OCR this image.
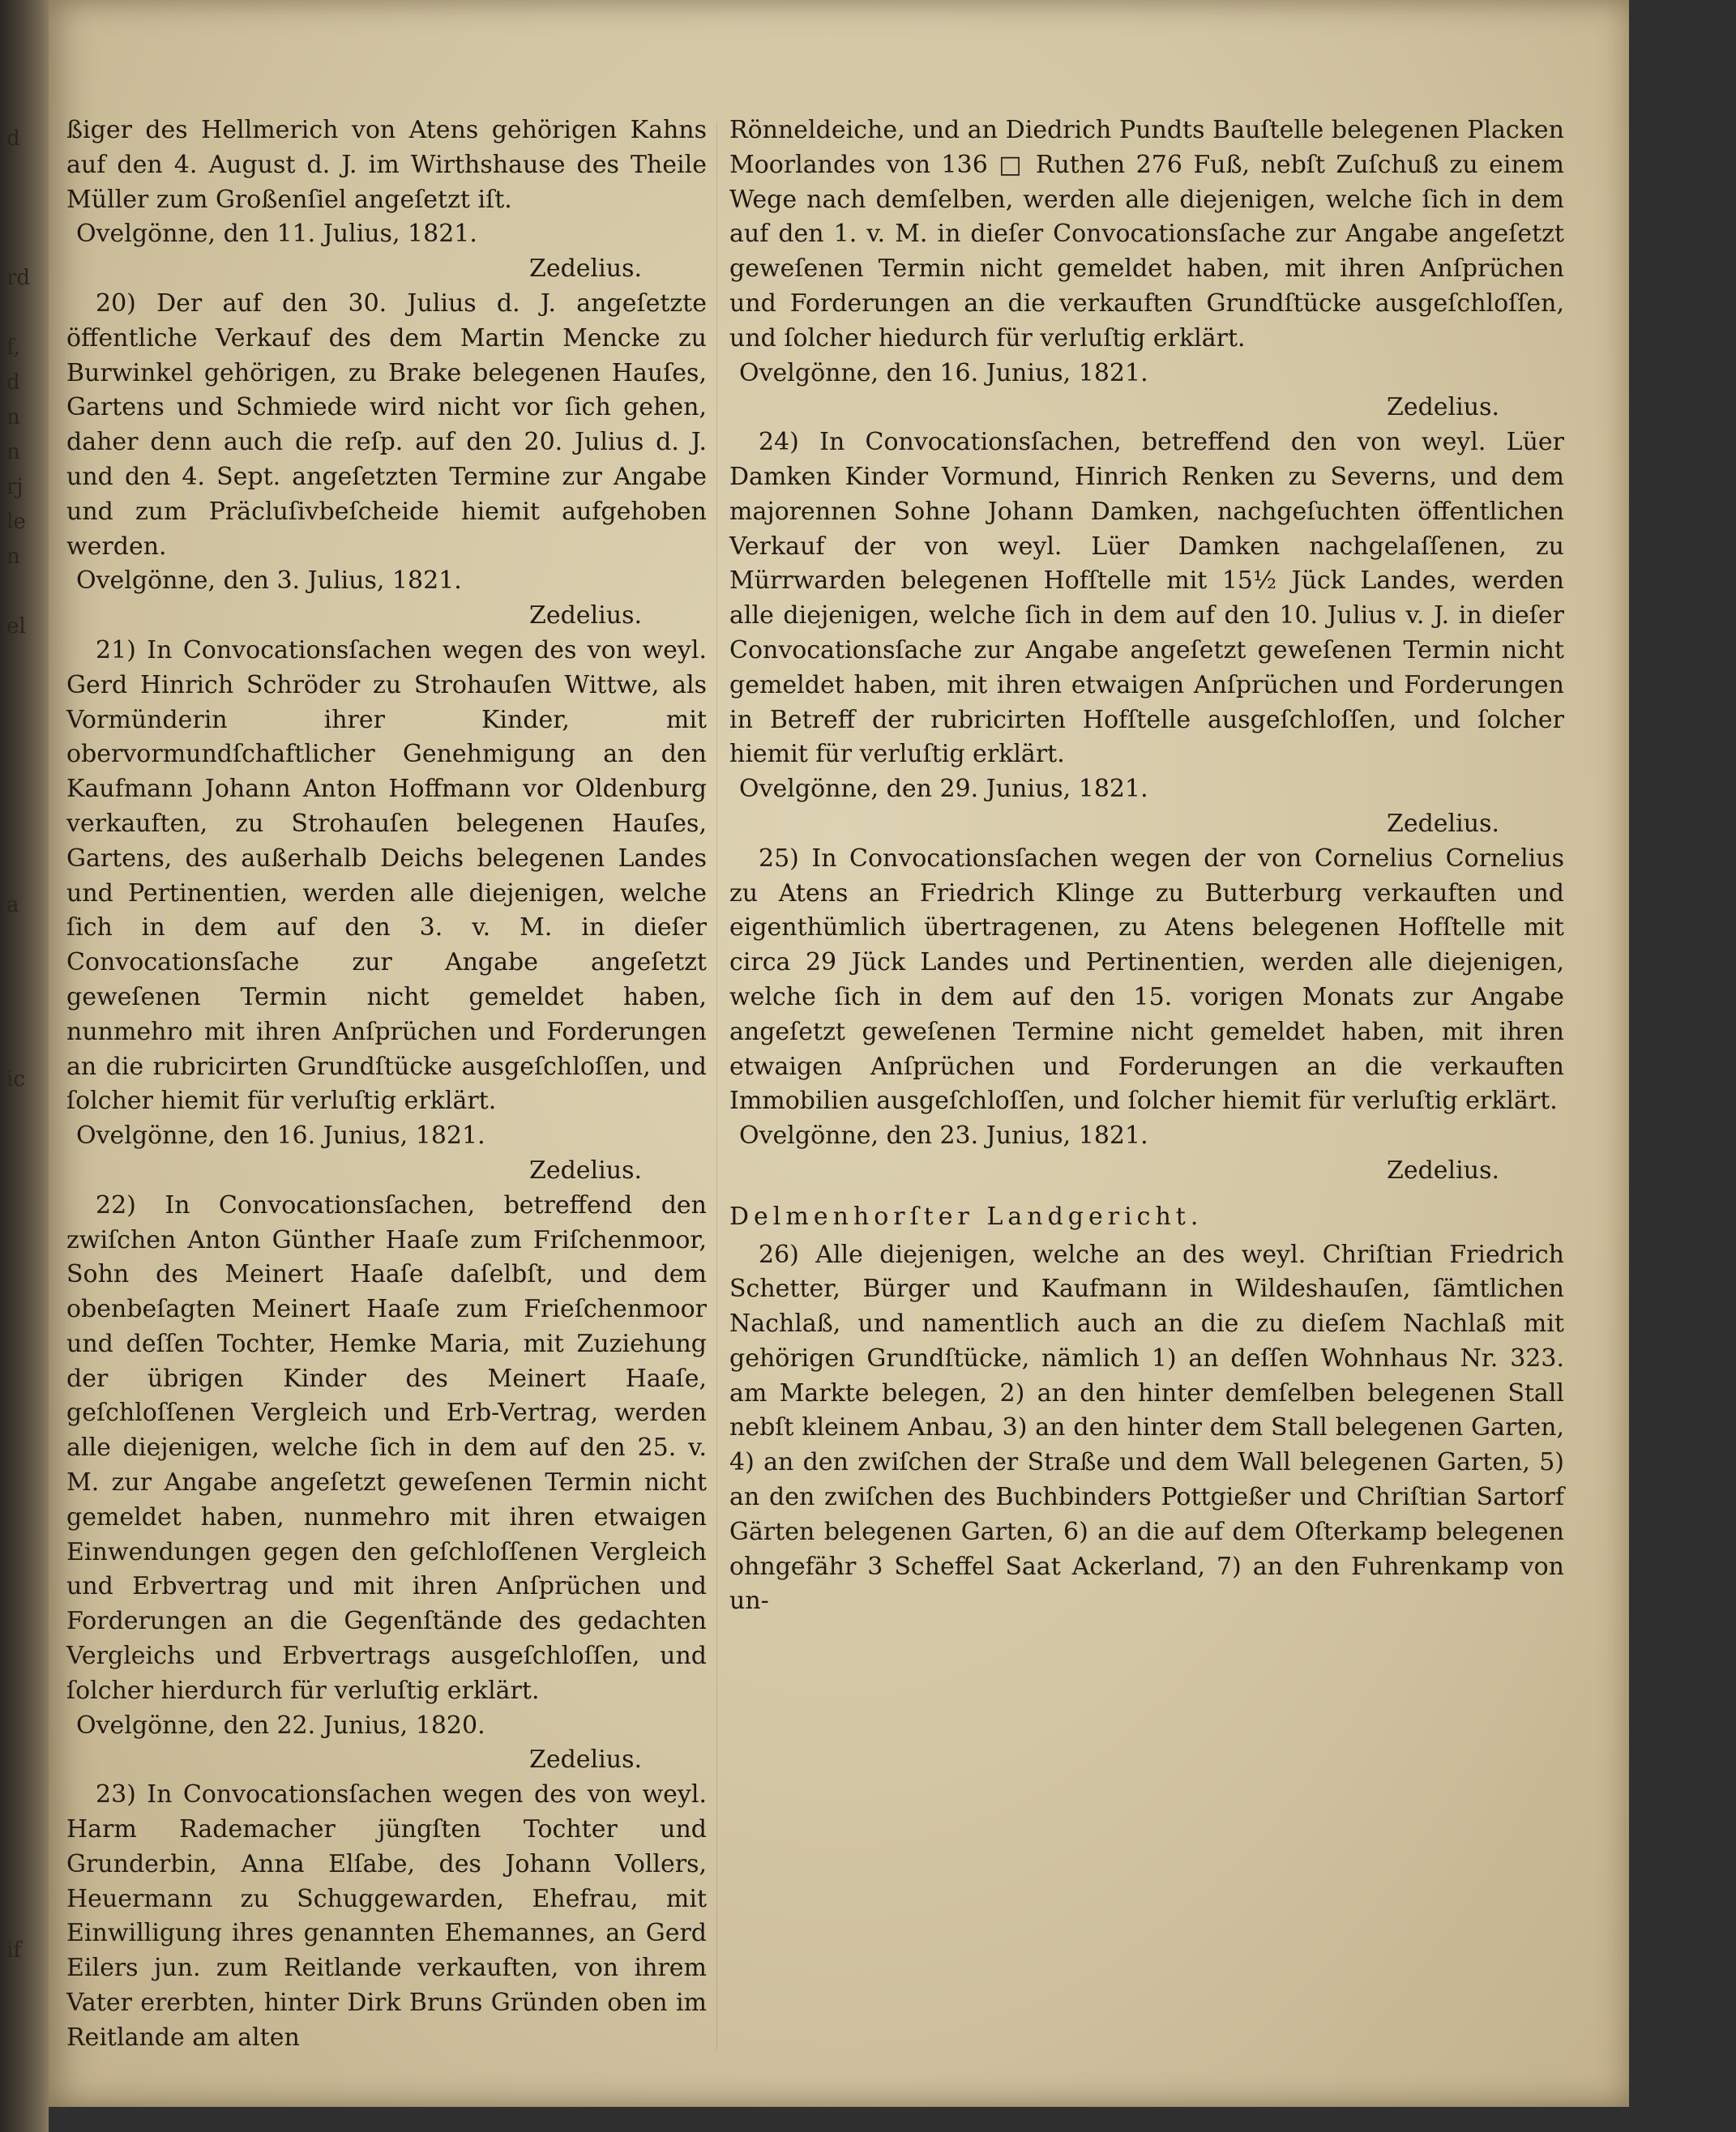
d
rd
f,
d
n
n
rj
le
n
el
a
ic
if

ßiger des Hellmerich von Atens gehörigen Kahns auf den 4. August d. J. im Wirthshause des Theile Müller zum Großenſiel angeſetzt iſt.

Ovelgönne, den 11. Julius, 1821.

Zedelius.

20) Der auf den 30. Julius d. J. angeſetzte öffentliche Verkauf des dem Martin Mencke zu Burwinkel gehörigen, zu Brake belegenen Hauſes, Gartens und Schmiede wird nicht vor ſich gehen, daher denn auch die reſp. auf den 20. Julius d. J. und den 4. Sept. angeſetzten Termine zur Angabe und zum Präcluſivbeſcheide hiemit aufgehoben werden.

Ovelgönne, den 3. Julius, 1821.

Zedelius.

21) In Convocationsſachen wegen des von weyl. Gerd Hinrich Schröder zu Strohauſen Wittwe, als Vormünderin ihrer Kinder, mit obervormundſchaftlicher Genehmigung an den Kaufmann Johann Anton Hoffmann vor Oldenburg verkauften, zu Strohauſen belegenen Hauſes, Gartens, des außerhalb Deichs belegenen Landes und Pertinentien, werden alle diejenigen, welche ſich in dem auf den 3. v. M. in dieſer Convocationsſache zur Angabe angeſetzt geweſenen Termin nicht gemeldet haben, nunmehro mit ihren Anſprüchen und Forderungen an die rubricirten Grundſtücke ausgeſchloſſen, und ſolcher hiemit für verluſtig erklärt.

Ovelgönne, den 16. Junius, 1821.

Zedelius.

22) In Convocationsſachen, betreffend den zwiſchen Anton Günther Haaſe zum Friſchenmoor, Sohn des Meinert Haaſe daſelbſt, und dem obenbeſagten Meinert Haaſe zum Frieſchenmoor und deſſen Tochter, Hemke Maria, mit Zuziehung der übrigen Kinder des Meinert Haaſe, geſchloſſenen Vergleich und Erb-Vertrag, werden alle diejenigen, welche ſich in dem auf den 25. v. M. zur Angabe angeſetzt geweſenen Termin nicht gemeldet haben, nunmehro mit ihren etwaigen Einwendungen gegen den geſchloſſenen Vergleich und Erbvertrag und mit ihren Anſprüchen und Forderungen an die Gegenſtände des gedachten Vergleichs und Erbvertrags ausgeſchloſſen, und ſolcher hierdurch für verluſtig erklärt.

Ovelgönne, den 22. Junius, 1820.

Zedelius.

23) In Convocationsſachen wegen des von weyl. Harm Rademacher jüngſten Tochter und Grunderbin, Anna Elſabe, des Johann Vollers, Heuermann zu Schuggewarden, Ehefrau, mit Einwilligung ihres genannten Ehemannes, an Gerd Eilers jun. zum Reitlande verkauften, von ihrem Vater ererbten, hinter Dirk Bruns Gründen oben im Reitlande am alten

Rönneldeiche, und an Diedrich Pundts Bauſtelle belegenen Placken Moorlandes von 136 □ Ruthen 276 Fuß, nebſt Zuſchuß zu einem Wege nach demſelben, werden alle diejenigen, welche ſich in dem auf den 1. v. M. in dieſer Convocationsſache zur Angabe angeſetzt geweſenen Termin nicht gemeldet haben, mit ihren Anſprüchen und Forderungen an die verkauften Grundſtücke ausgeſchloſſen, und ſolcher hiedurch für verluſtig erklärt.

Ovelgönne, den 16. Junius, 1821.

Zedelius.

24) In Convocationsſachen, betreffend den von weyl. Lüer Damken Kinder Vormund, Hinrich Renken zu Severns, und dem majorennen Sohne Johann Damken, nachgeſuchten öffentlichen Verkauf der von weyl. Lüer Damken nachgelaſſenen, zu Mürrwarden belegenen Hofſtelle mit 15½ Jück Landes, werden alle diejenigen, welche ſich in dem auf den 10. Julius v. J. in dieſer Convocationsſache zur Angabe angeſetzt geweſenen Termin nicht gemeldet haben, mit ihren etwaigen Anſprüchen und Forderungen in Betreff der rubricirten Hofſtelle ausgeſchloſſen, und ſolcher hiemit für verluſtig erklärt.

Ovelgönne, den 29. Junius, 1821.

Zedelius.

25) In Convocationsſachen wegen der von Cornelius Cornelius zu Atens an Friedrich Klinge zu Butterburg verkauften und eigenthümlich übertragenen, zu Atens belegenen Hofſtelle mit circa 29 Jück Landes und Pertinentien, werden alle diejenigen, welche ſich in dem auf den 15. vorigen Monats zur Angabe angeſetzt geweſenen Termine nicht gemeldet haben, mit ihren etwaigen Anſprüchen und Forderungen an die verkauften Immobilien ausgeſchloſſen, und ſolcher hiemit für verluſtig erklärt.

Ovelgönne, den 23. Junius, 1821.

Zedelius.

Delmenhorſter Landgericht.

26) Alle diejenigen, welche an des weyl. Chriſtian Friedrich Schetter, Bürger und Kaufmann in Wildeshauſen, ſämtlichen Nachlaß, und namentlich auch an die zu dieſem Nachlaß mit gehörigen Grundſtücke, nämlich 1) an deſſen Wohnhaus Nr. 323. am Markte belegen, 2) an den hinter demſelben belegenen Stall nebſt kleinem Anbau, 3) an den hinter dem Stall belegenen Garten, 4) an den zwiſchen der Straße und dem Wall belegenen Garten, 5) an den zwiſchen des Buchbinders Pottgießer und Chriſtian Sartorf Gärten belegenen Garten, 6) an die auf dem Oſterkamp belegenen ohngefähr 3 Scheffel Saat Ackerland, 7) an den Fuhrenkamp von un-
